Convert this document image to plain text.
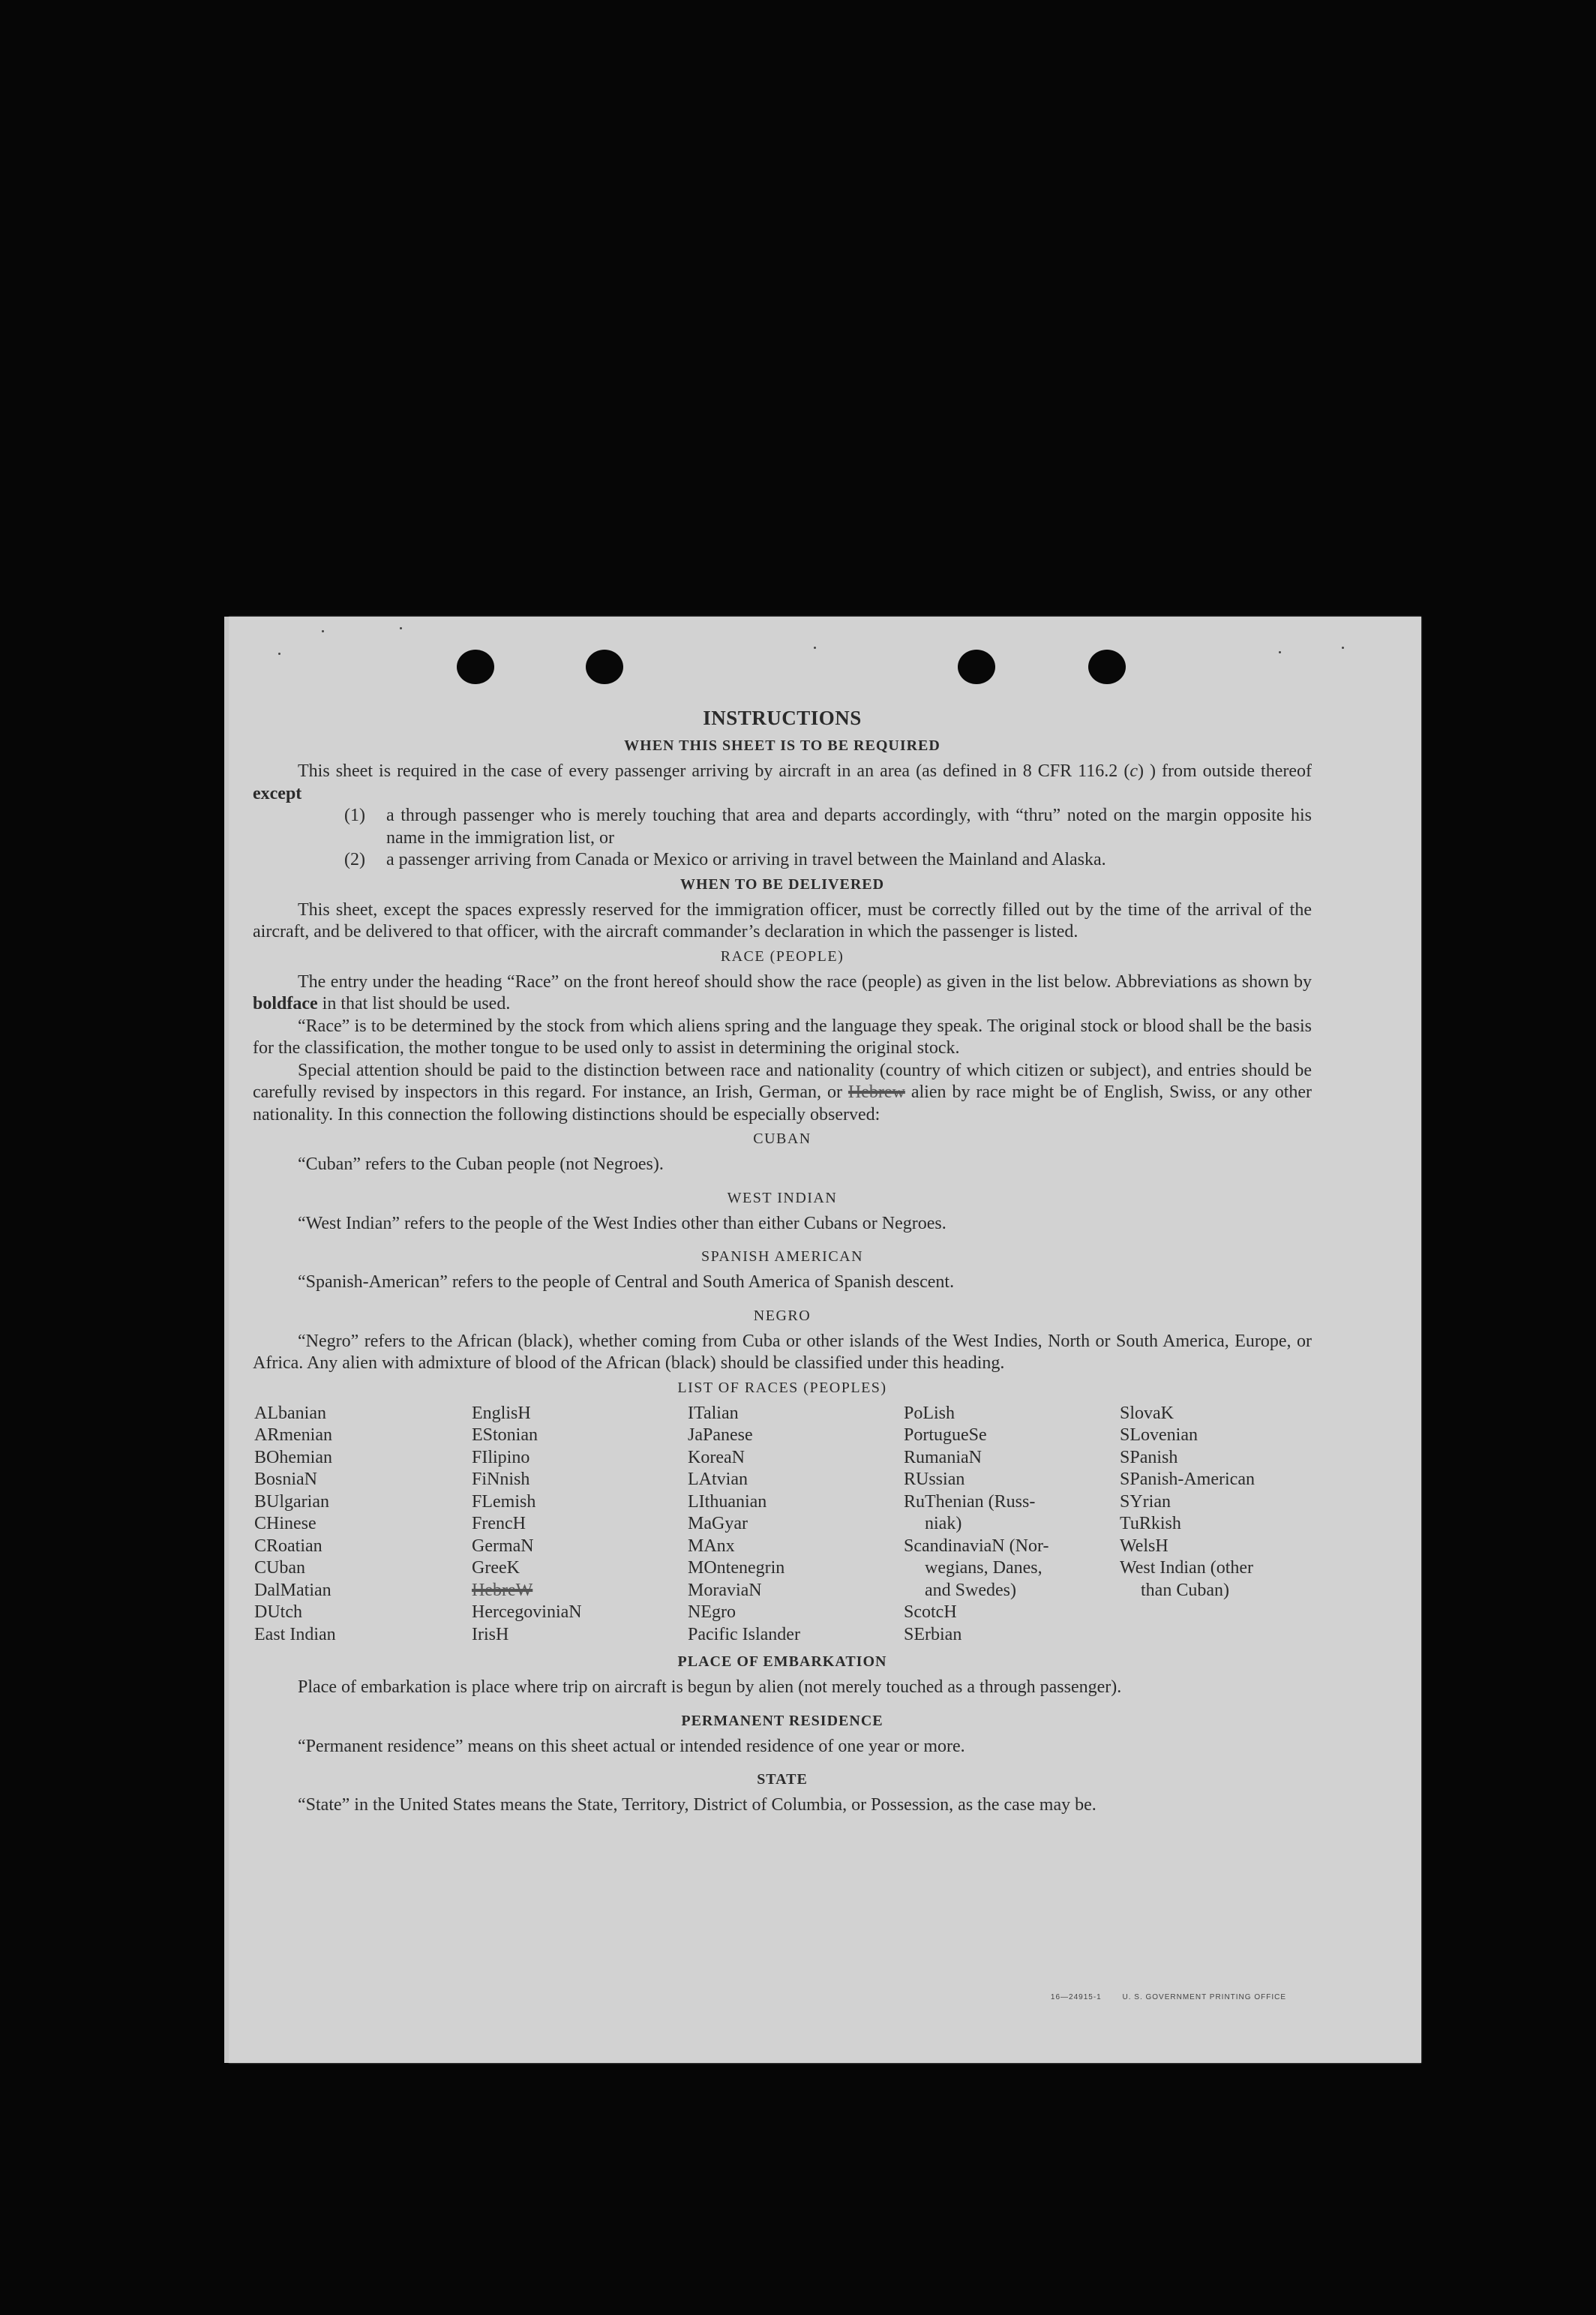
INSTRUCTIONS
WHEN THIS SHEET IS TO BE REQUIRED

This sheet is required in the case of every passenger arriving by aircraft in an area (as defined in 8 CFR 116.2 (c) ) from outside thereof except

(1) a through passenger who is merely touching that area and departs accordingly, with “thru” noted on the margin opposite his name in the immigration list, or
(2) a passenger arriving from Canada or Mexico or arriving in travel between the Mainland and Alaska.
WHEN TO BE DELIVERED

This sheet, except the spaces expressly reserved for the immigration officer, must be correctly filled out by the time of the arrival of the aircraft, and be delivered to that officer, with the aircraft commander’s declaration in which the passenger is listed.

RACE (PEOPLE)

The entry under the heading “Race” on the front hereof should show the race (people) as given in the list below. Abbreviations as shown by boldface in that list should be used.

“Race” is to be determined by the stock from which aliens spring and the language they speak. The original stock or blood shall be the basis for the classification, the mother tongue to be used only to assist in determining the original stock.

Special attention should be paid to the distinction between race and nationality (country of which citizen or subject), and entries should be carefully revised by inspectors in this regard. For instance, an Irish, German, or Hebrew alien by race might be of English, Swiss, or any other nationality. In this connection the following distinctions should be especially observed:

CUBAN

“Cuban” refers to the Cuban people (not Negroes).

WEST INDIAN

“West Indian” refers to the people of the West Indies other than either Cubans or Negroes.

SPANISH AMERICAN

“Spanish-American” refers to the people of Central and South America of Spanish descent.

NEGRO

“Negro” refers to the African (black), whether coming from Cuba or other islands of the West Indies, North or South America, Europe, or Africa. Any alien with admixture of blood of the African (black) should be classified under this heading.

LIST OF RACES (PEOPLES)
ALbanian
ARmenian
BOhemian
BosniaN
BUlgarian
CHinese
CRoatian
CUban
DalMatian
DUtch
East Indian
EnglisH
EStonian
FIlipino
FiNnish
FLemish
FrencH
GermaN
GreeK
HebreW
HercegoviniaN
IrisH
ITalian
JaPanese
KoreaN
LAtvian
LIthuanian
MaGyar
MAnx
MOntenegrin
MoraviaN
NEgro
Pacific Islander
PoLish
PortugueSe
RumaniaN
RUssian
RuThenian (Russ-
niak)
ScandinaviaN (Nor-
wegians, Danes,
and Swedes)
ScotcH
SErbian
SlovaK
SLovenian
SPanish
SPanish-American
SYrian
TuRkish
WelsH
West Indian (other
than Cuban)
PLACE OF EMBARKATION

Place of embarkation is place where trip on aircraft is begun by alien (not merely touched as a through passenger).

PERMANENT RESIDENCE

“Permanent residence” means on this sheet actual or intended residence of one year or more.

STATE

“State” in the United States means the State, Territory, District of Columbia, or Possession, as the case may be.

16—24915-1	U. S. GOVERNMENT PRINTING OFFICE
